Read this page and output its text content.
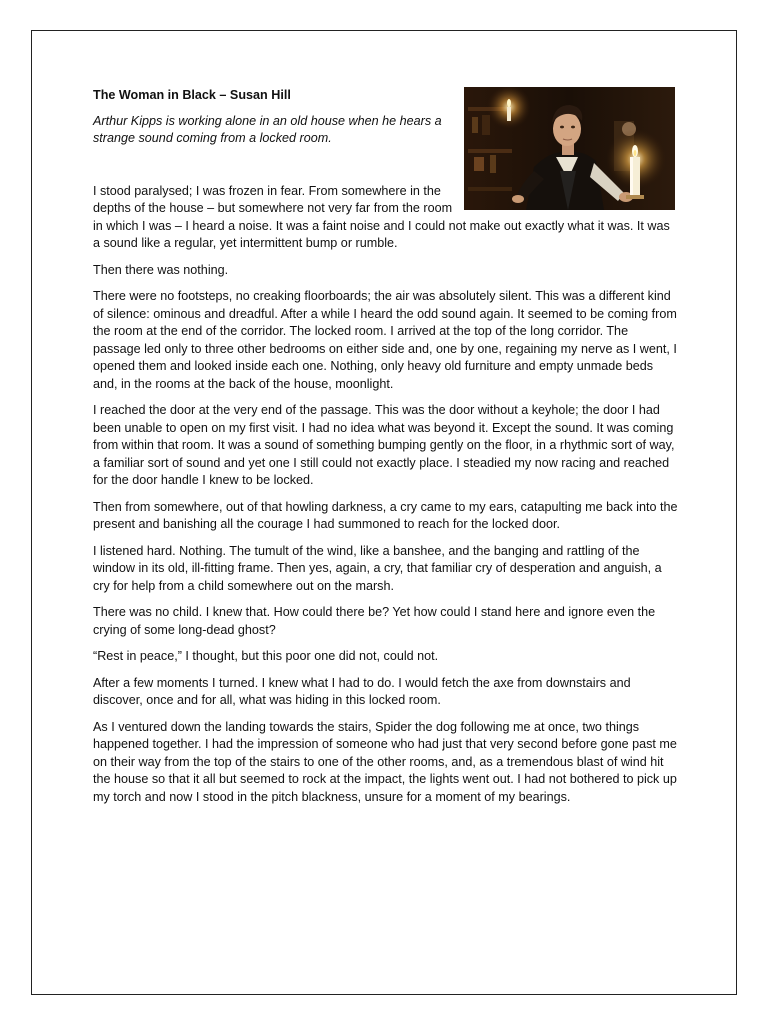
The Woman in Black – Susan Hill
Arthur Kipps is working alone in an old house when he hears a strange sound coming from a locked room.

I stood paralysed; I was frozen in fear. From somewhere in the depths of the house – but somewhere not very far from the room
in which I was – I heard a noise. It was a faint noise and I could not make out exactly what it was. It was a sound like a regular, yet intermittent bump or rumble.

Then there was nothing.

There were no footsteps, no creaking floorboards; the air was absolutely silent. This was a different kind of silence: ominous and dreadful. After a while I heard the odd sound again. It seemed to be coming from the room at the end of the corridor. The locked room. I arrived at the top of the long corridor. The passage led only to three other bedrooms on either side and, one by one, regaining my nerve as I went, I opened them and looked inside each one. Nothing, only heavy old furniture and empty unmade beds and, in the rooms at the back of the house, moonlight.

I reached the door at the very end of the passage. This was the door without a keyhole; the door I had been unable to open on my first visit. I had no idea what was beyond it. Except the sound. It was coming from within that room. It was a sound of something bumping gently on the floor, in a rhythmic sort of way, a familiar sort of sound and yet one I still could not exactly place. I steadied my now racing and reached for the door handle I knew to be locked.

Then from somewhere, out of that howling darkness, a cry came to my ears, catapulting me back into the present and banishing all the courage I had summoned to reach for the locked door.

I listened hard. Nothing. The tumult of the wind, like a banshee, and the banging and rattling of the window in its old, ill-fitting frame. Then yes, again, a cry, that familiar cry of desperation and anguish, a cry for help from a child somewhere out on the marsh.

There was no child. I knew that. How could there be? Yet how could I stand here and ignore even the crying of some long-dead ghost?

“Rest in peace,” I thought, but this poor one did not, could not.

After a few moments I turned. I knew what I had to do. I would fetch the axe from downstairs and discover, once and for all, what was hiding in this locked room.

As I ventured down the landing towards the stairs, Spider the dog following me at once, two things happened together. I had the impression of someone who had just that very second before gone past me on their way from the top of the stairs to one of the other rooms, and, as a tremendous blast of wind hit the house so that it all but seemed to rock at the impact, the lights went out. I had not bothered to pick up my torch and now I stood in the pitch blackness, unsure for a moment of my bearings.
